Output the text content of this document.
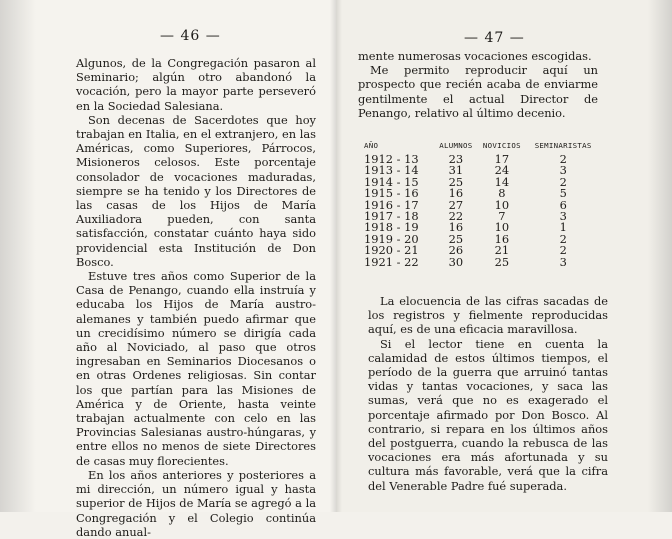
— 46 —

Algunos, de la Congregación pasaron al Seminario; algún otro abandonó la vocación, pero la mayor parte perseveró en la Sociedad Salesiana.

Son decenas de Sacerdotes que hoy trabajan en Italia, en el extranjero, en las Américas, como Superiores, Párrocos, Misioneros celosos. Este porcentaje consolador de vocaciones maduradas, siempre se ha tenido y los Directores de las casas de los Hijos de María Auxiliadora pueden, con santa satisfacción, constatar cuánto haya sido providencial esta Institución de Don Bosco.

Estuve tres años como Superior de la Casa de Penango, cuando ella instruía y educaba los Hijos de María austro-alemanes y también puedo afirmar que un crecidísimo número se dirigía cada año al Noviciado, al paso que otros ingresaban en Seminarios Diocesanos o en otras Ordenes religiosas. Sin contar los que partían para las Misiones de América y de Oriente, hasta veinte trabajan actualmente con celo en las Provincias Salesianas austro-húngaras, y entre ellos no menos de siete Directores de casas muy florecientes.

En los años anteriores y posteriores a mi dirección, un número igual y hasta superior de Hijos de María se agregó a la Congregación y el Colegio continúa dando anual-

— 47 —

mente numerosas vocaciones escogidas.

Me permito reproducir aquí un prospecto que recién acaba de enviarme gentilmente el actual Director de Penango, relativo al último decenio.

AÑO	ALUMNOS	NOVICIOS	SEMINARISTAS
1912 - 13	23	17	2
1913 - 14	31	24	3
1914 - 15	25	14	2
1915 - 16	16	8	5
1916 - 17	27	10	6
1917 - 18	22	7	3
1918 - 19	16	10	1
1919 - 20	25	16	2
1920 - 21	26	21	2
1921 - 22	30	25	3

La elocuencia de las cifras sacadas de los registros y fielmente reproducidas aquí, es de una eficacia maravillosa.

Si el lector tiene en cuenta la calamidad de estos últimos tiempos, el período de la guerra que arruinó tantas vidas y tantas vocaciones, y saca las sumas, verá que no es exagerado el porcentaje afirmado por Don Bosco. Al contrario, si repara en los últimos años del postguerra, cuando la rebusca de las vocaciones era más afortunada y su cultura más favorable, verá que la cifra del Venerable Padre fué superada.
